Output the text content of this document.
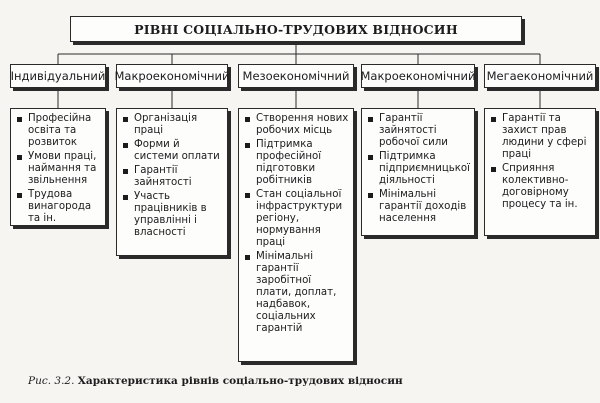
РІВНІ СОЦІАЛЬНО-ТРУДОВИХ ВІДНОСИН
Індивідуальний Макроекономічний	Мезоекономічний Макроекономічний Мегаекономічний
Професійна освіта та розвиток
Умови праці, наймання та звільнення
Трудова винагорода та ін.
Організація праці
Форми й системи оплати
Гарантії зайнятості
Участь працівників в управлінні і власності
Створення нових робочих місць
Підтримка професійної підготовки робітників
Стан соціальної інфраструктури регіону, нормування праці
Мінімальні гарантії заробітної плати, доплат, надбавок, соціальних гарантій
Гарантії зайнятості робочої сили
Підтримка підприємницької діяльності
Мінімальні гарантії доходів населення
Гарантії та захист прав людини у сфері праці
Сприяння колективно-договірному процесу та ін.
Рис. 3.2. Характеристика рівнів соціально-трудових відносин
